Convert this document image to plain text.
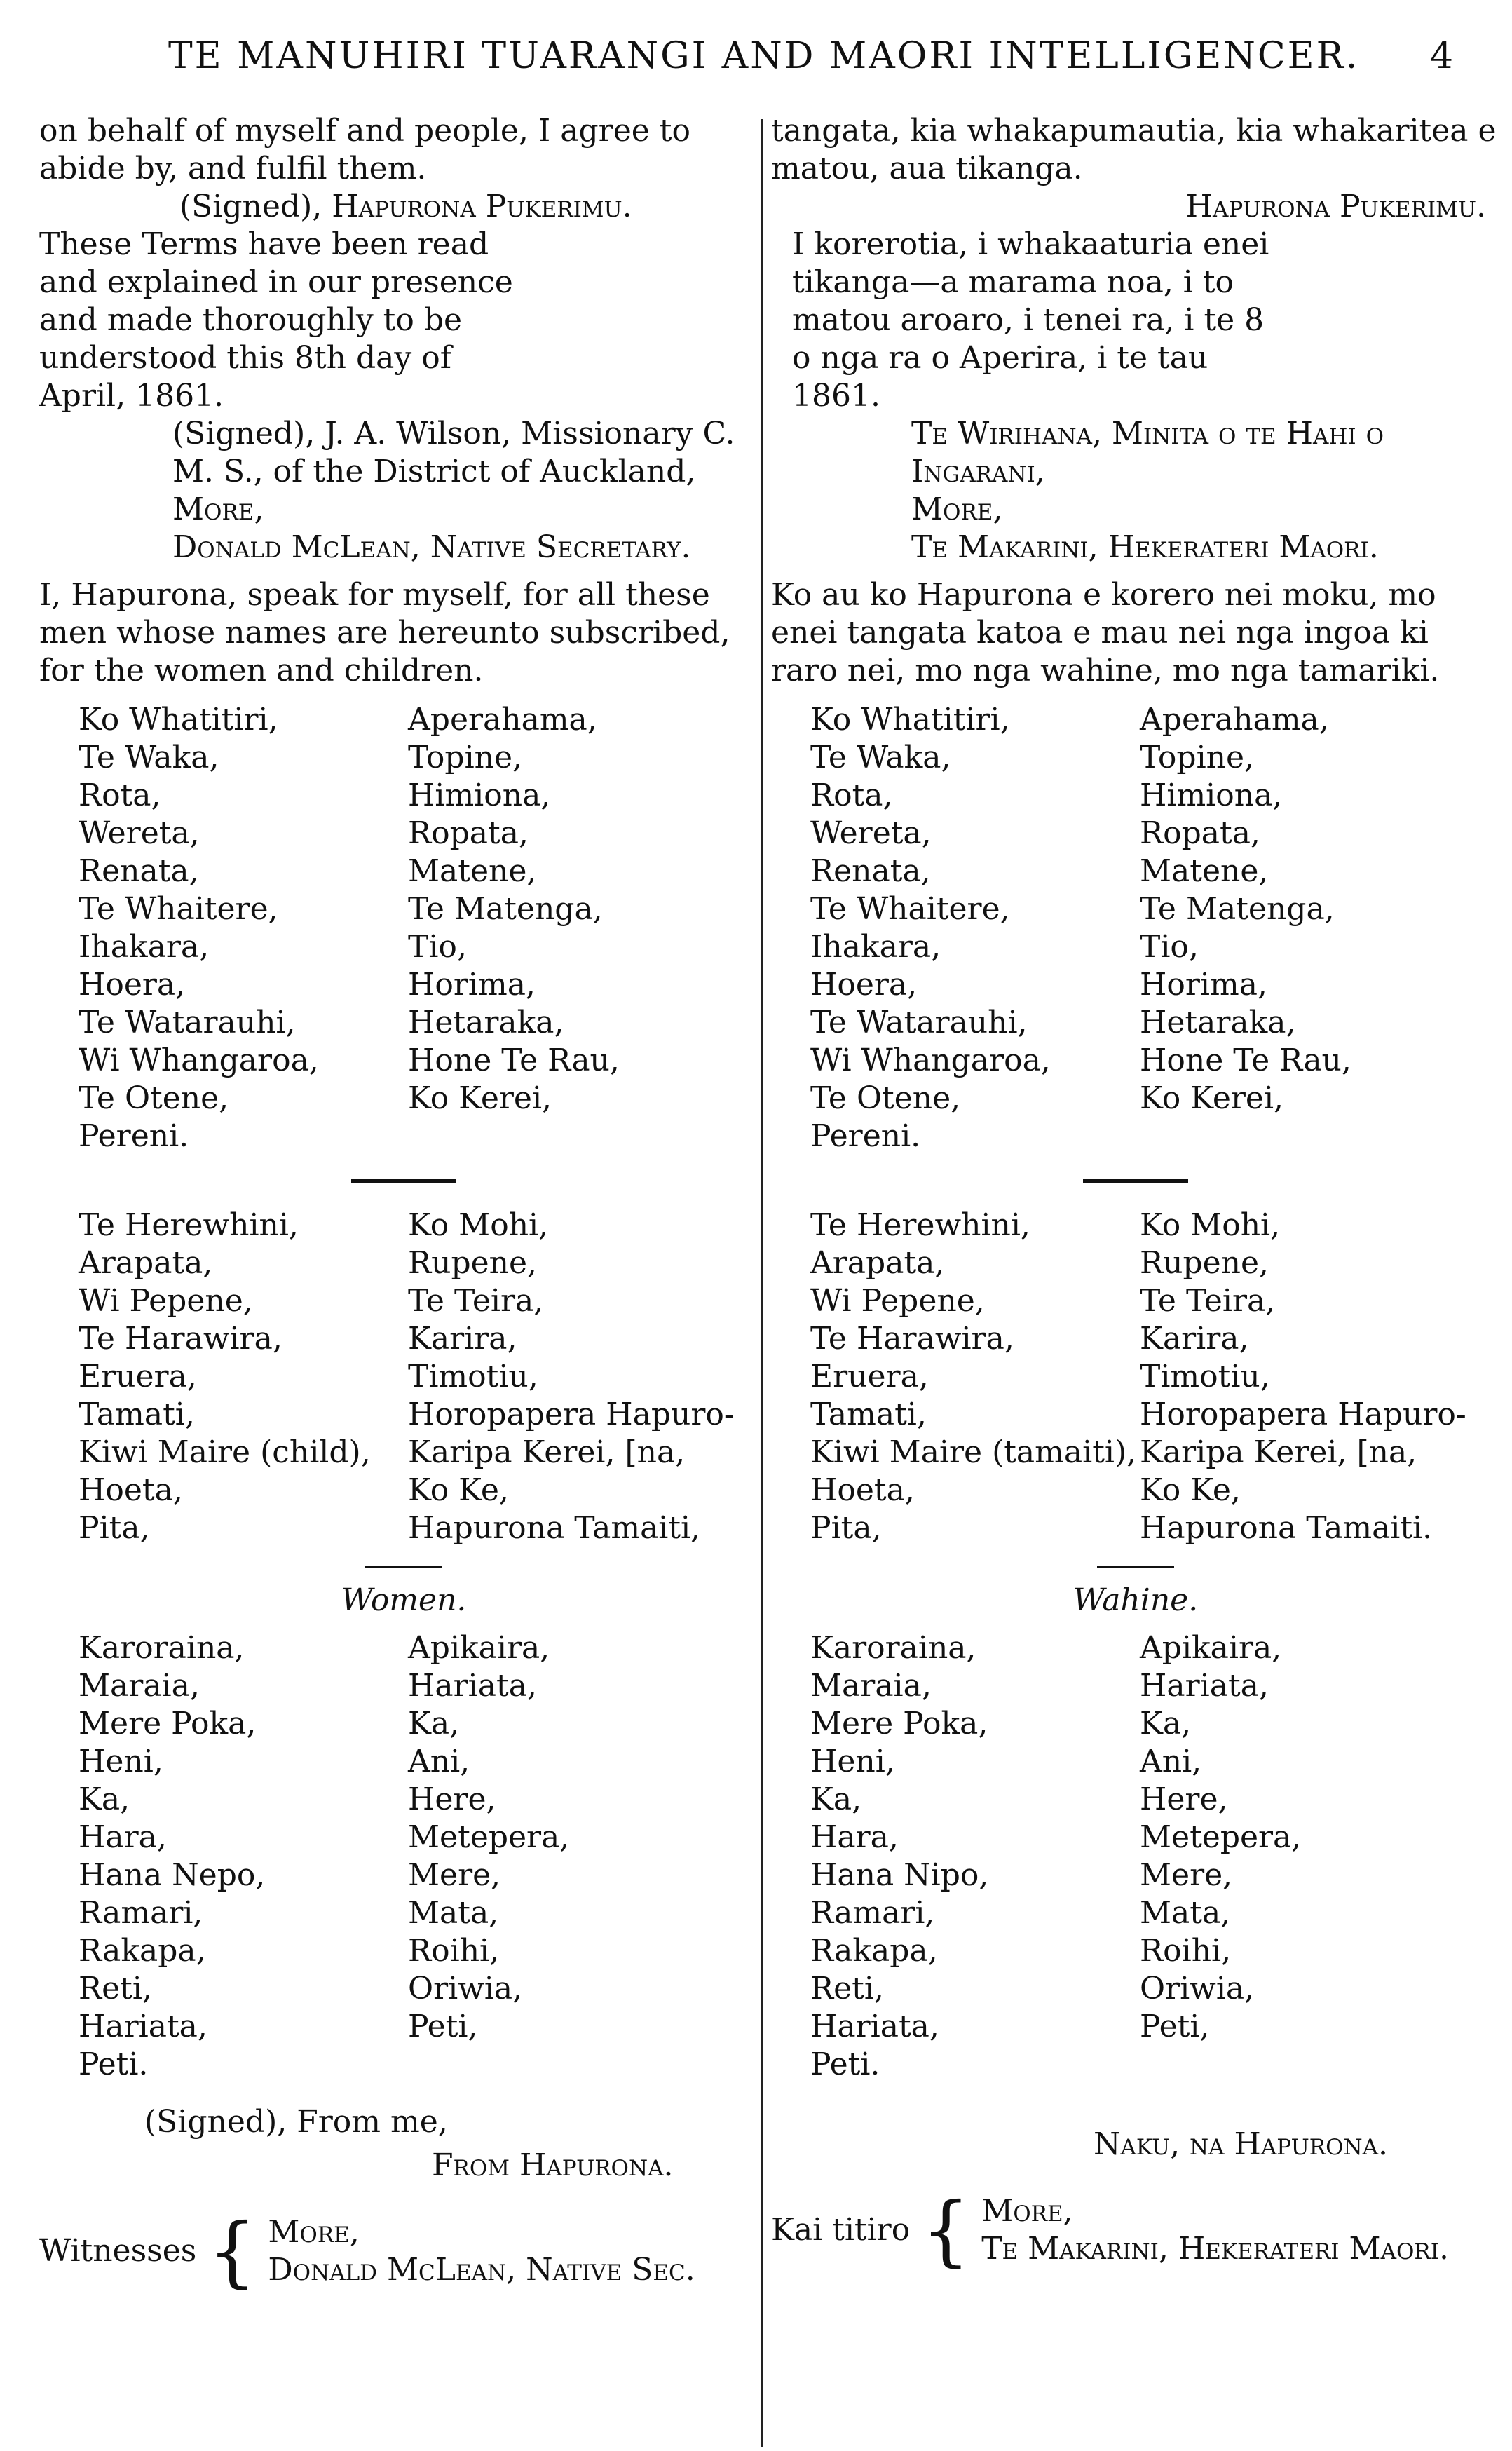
TE MANUHIRI TUARANGI AND MAORI INTELLIGENCER. 4

on behalf of myself and people, I agree to abide by, and fulfil them.

(Signed), Hapurona Pukerimu.

These Terms have been read and explained in our presence and made thoroughly to be understood this 8th day of April, 1861.

(Signed), J. A. Wilson, Missionary C. M. S., of the District of Auckland,

More,

Donald McLean, Native Secretary.

I, Hapurona, speak for myself, for all these men whose names are hereunto subscribed, for the women and children.

Ko Whatitiri,
Te Waka,
Rota,
Wereta,
Renata,
Te Whaitere,
Ihakara,
Hoera,
Te Watarauhi,
Wi Whangaroa,
Te Otene,
Pereni.
Aperahama,
Topine,
Himiona,
Ropata,
Matene,
Te Matenga,
Tio,
Horima,
Hetaraka,
Hone Te Rau,
Ko Kerei,
Te Herewhini,
Arapata,
Wi Pepene,
Te Harawira,
Eruera,
Tamati,
Kiwi Maire (child),
Hoeta,
Pita,
Ko Mohi,
Rupene,
Te Teira,
Karira,
Timotiu,
Horopapera Hapuro-
Karipa Kerei, [na,
Ko Ke,
Hapurona Tamaiti,

Women.

Karoraina,
Maraia,
Mere Poka,
Heni,
Ka,
Hara,
Hana Nepo,
Ramari,
Rakapa,
Reti,
Hariata,
Peti.
Apikaira,
Hariata,
Ka,
Ani,
Here,
Metepera,
Mere,
Mata,
Roihi,
Oriwia,
Peti,

(Signed), From me,

From Hapurona.

Witnesses { More,
Donald McLean, Native Sec.

tangata, kia whakapumautia, kia whakaritea e matou, aua tikanga.

Hapurona Pukerimu.

I korerotia, i whakaaturia enei tikanga—a marama noa, i to matou aroaro, i tenei ra, i te 8 o nga ra o Aperira, i te tau 1861.

Te Wirihana, Minita o te Hahi o Ingarani,

More,

Te Makarini, Hekerateri Maori.

Ko au ko Hapurona e korero nei moku, mo enei tangata katoa e mau nei nga ingoa ki raro nei, mo nga wahine, mo nga tamariki.

Ko Whatitiri,
Te Waka,
Rota,
Wereta,
Renata,
Te Whaitere,
Ihakara,
Hoera,
Te Watarauhi,
Wi Whangaroa,
Te Otene,
Pereni.
Aperahama,
Topine,
Himiona,
Ropata,
Matene,
Te Matenga,
Tio,
Horima,
Hetaraka,
Hone Te Rau,
Ko Kerei,
Te Herewhini,
Arapata,
Wi Pepene,
Te Harawira,
Eruera,
Tamati,
Kiwi Maire (tamaiti),
Hoeta,
Pita,
Ko Mohi,
Rupene,
Te Teira,
Karira,
Timotiu,
Horopapera Hapuro-
Karipa Kerei, [na,
Ko Ke,
Hapurona Tamaiti.

Wahine.

Karoraina,
Maraia,
Mere Poka,
Heni,
Ka,
Hara,
Hana Nipo,
Ramari,
Rakapa,
Reti,
Hariata,
Peti.
Apikaira,
Hariata,
Ka,
Ani,
Here,
Metepera,
Mere,
Mata,
Roihi,
Oriwia,
Peti,

Naku, na Hapurona.

Kai titiro { More,
Te Makarini, Hekerateri Maori.
